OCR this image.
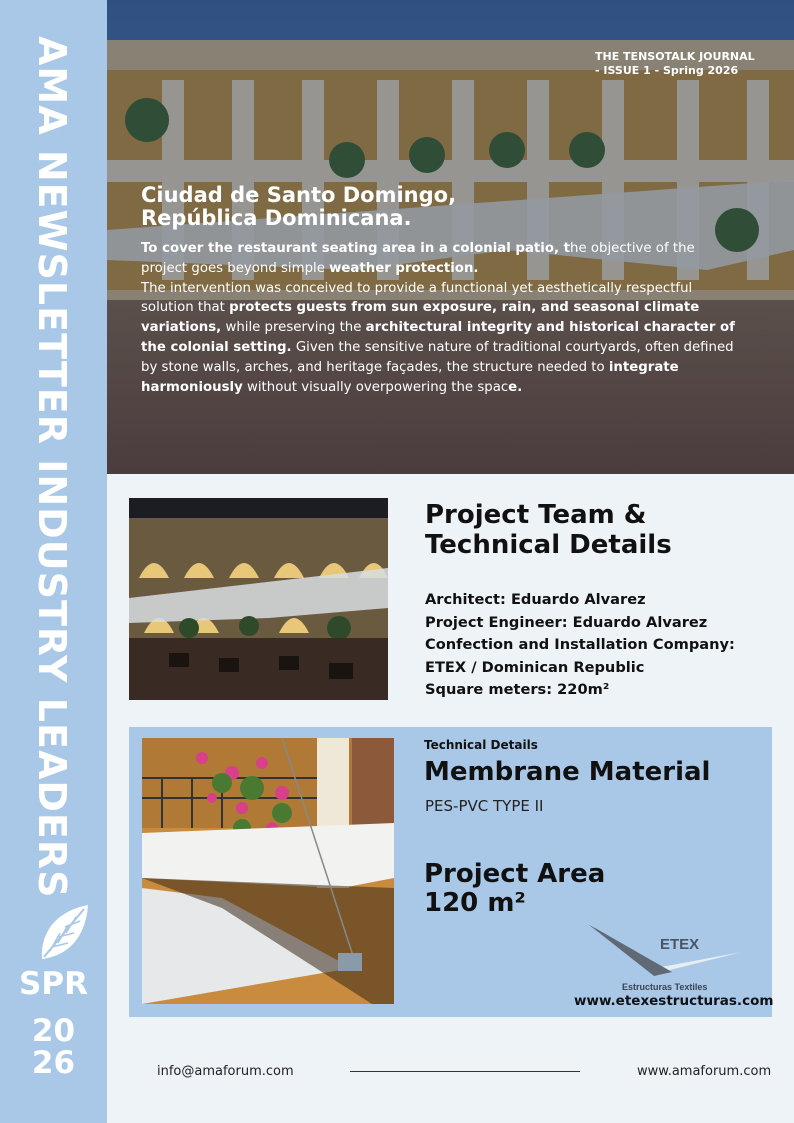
AMA NEWSLETTER INDUSTRY LEADERS
SPR
20
26
THE TENSOTALK JOURNAL
- ISSUE 1 - Spring 2026
Ciudad de Santo Domingo,
República Dominicana.
To cover the restaurant seating area in a colonial patio, the objective of the project goes beyond simple weather protection.
The intervention was conceived to provide a functional yet aesthetically respectful solution that protects guests from sun exposure, rain, and seasonal climate variations, while preserving the architectural integrity and historical character of the colonial setting. Given the sensitive nature of traditional courtyards, often defined by stone walls, arches, and heritage façades, the structure needed to integrate harmoniously without visually overpowering the space.
Project Team &
Technical Details
Architect: Eduardo Alvarez
Project Engineer: Eduardo Alvarez
Confection and Installation Company:
ETEX / Dominican Republic
Square meters: 220m²
Technical Details
Membrane Material
PES-PVC TYPE II
Project Area
120 m²
ETEX
Estructuras Textiles
www.etexestructuras.com
info@amaforum.com	www.amaforum.com
